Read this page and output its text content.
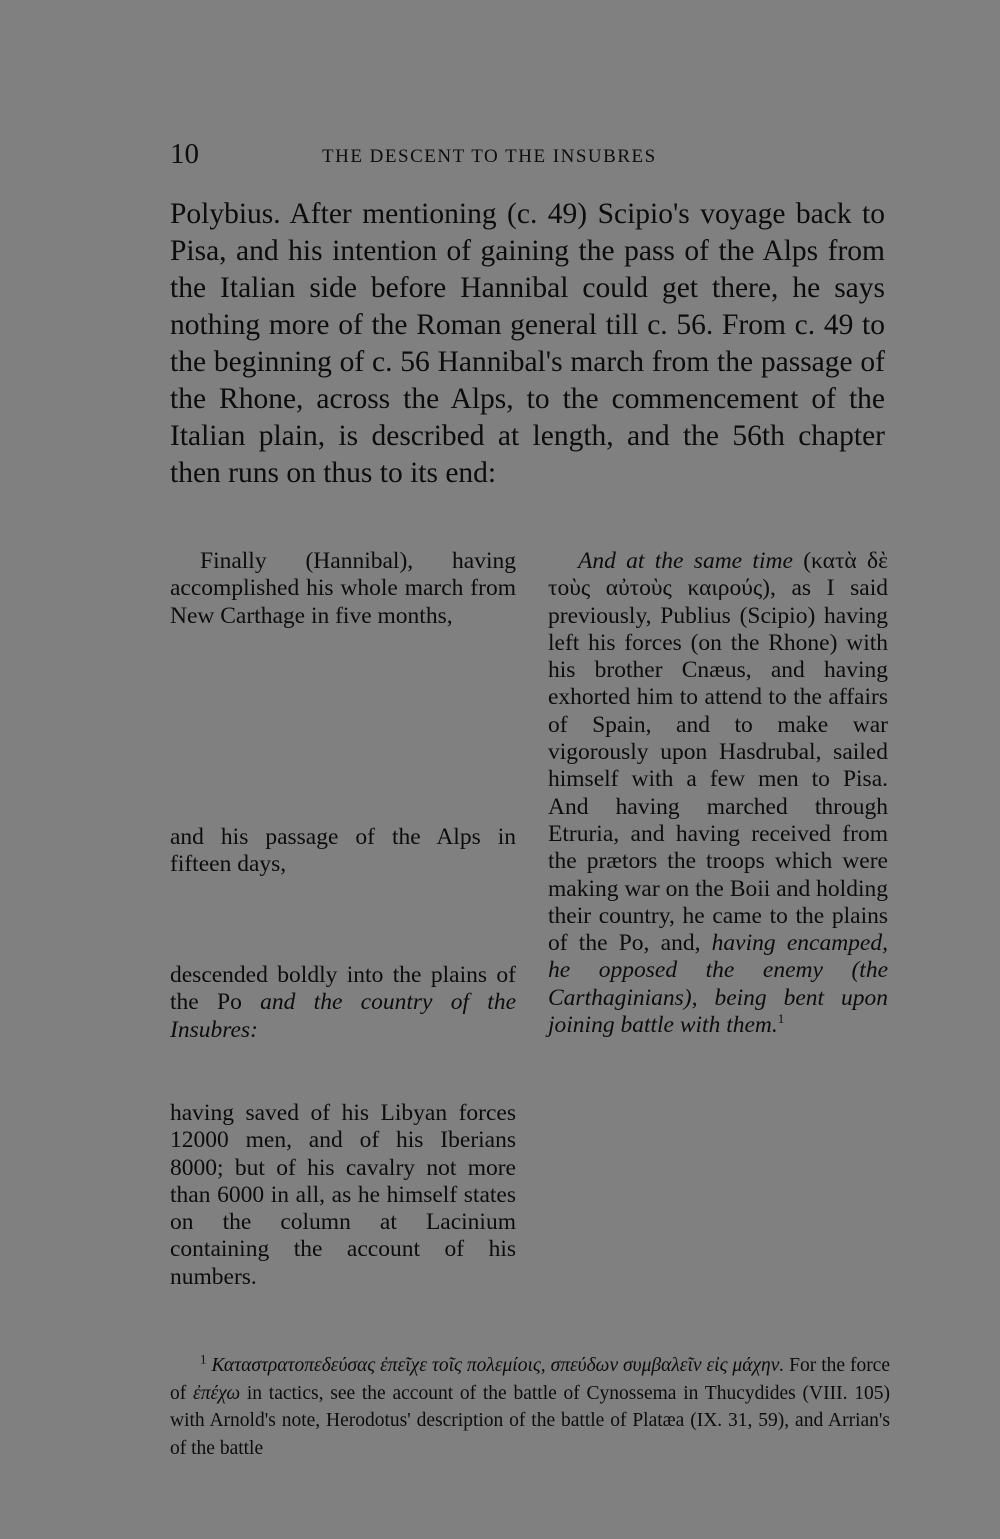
10	THE DESCENT TO THE INSUBRES

Polybius. After mentioning (c. 49) Scipio's voyage back to Pisa, and his intention of gaining the pass of the Alps from the Italian side before Hannibal could get there, he says nothing more of the Roman general till c. 56. From c. 49 to the beginning of c. 56 Hannibal's march from the passage of the Rhone, across the Alps, to the commencement of the Italian plain, is described at length, and the 56th chapter then runs on thus to its end:

Finally (Hannibal), having accomplished his whole march from New Carthage in five months,

and his passage of the Alps in fifteen days,

descended boldly into the plains of the Po and the country of the Insubres:

having saved of his Libyan forces 12000 men, and of his Iberians 8000; but of his cavalry not more than 6000 in all, as he himself states on the column at Lacinium containing the account of his numbers.

And at the same time (κατὰ δὲ τοὺς αὐτοὺς καιρούς), as I said previously, Publius (Scipio) having left his forces (on the Rhone) with his brother Cnæus, and having exhorted him to attend to the affairs of Spain, and to make war vigorously upon Hasdrubal, sailed himself with a few men to Pisa. And having marched through Etruria, and having received from the prætors the troops which were making war on the Boii and holding their country, he came to the plains of the Po, and, having encamped, he opposed the enemy (the Carthaginians), being bent upon joining battle with them.$^1$

$^1$ Καταστρατοπεδεύσας ἐπεῖχε τοῖς πολεμίοις, σπεύδων συμβαλεῖν εἰς μάχην. For the force of ἐπέχω in tactics, see the account of the battle of Cynossema in Thucydides (VIII. 105) with Arnold's note, Herodotus' description of the battle of Platæa (IX. 31, 59), and Arrian's of the battle
